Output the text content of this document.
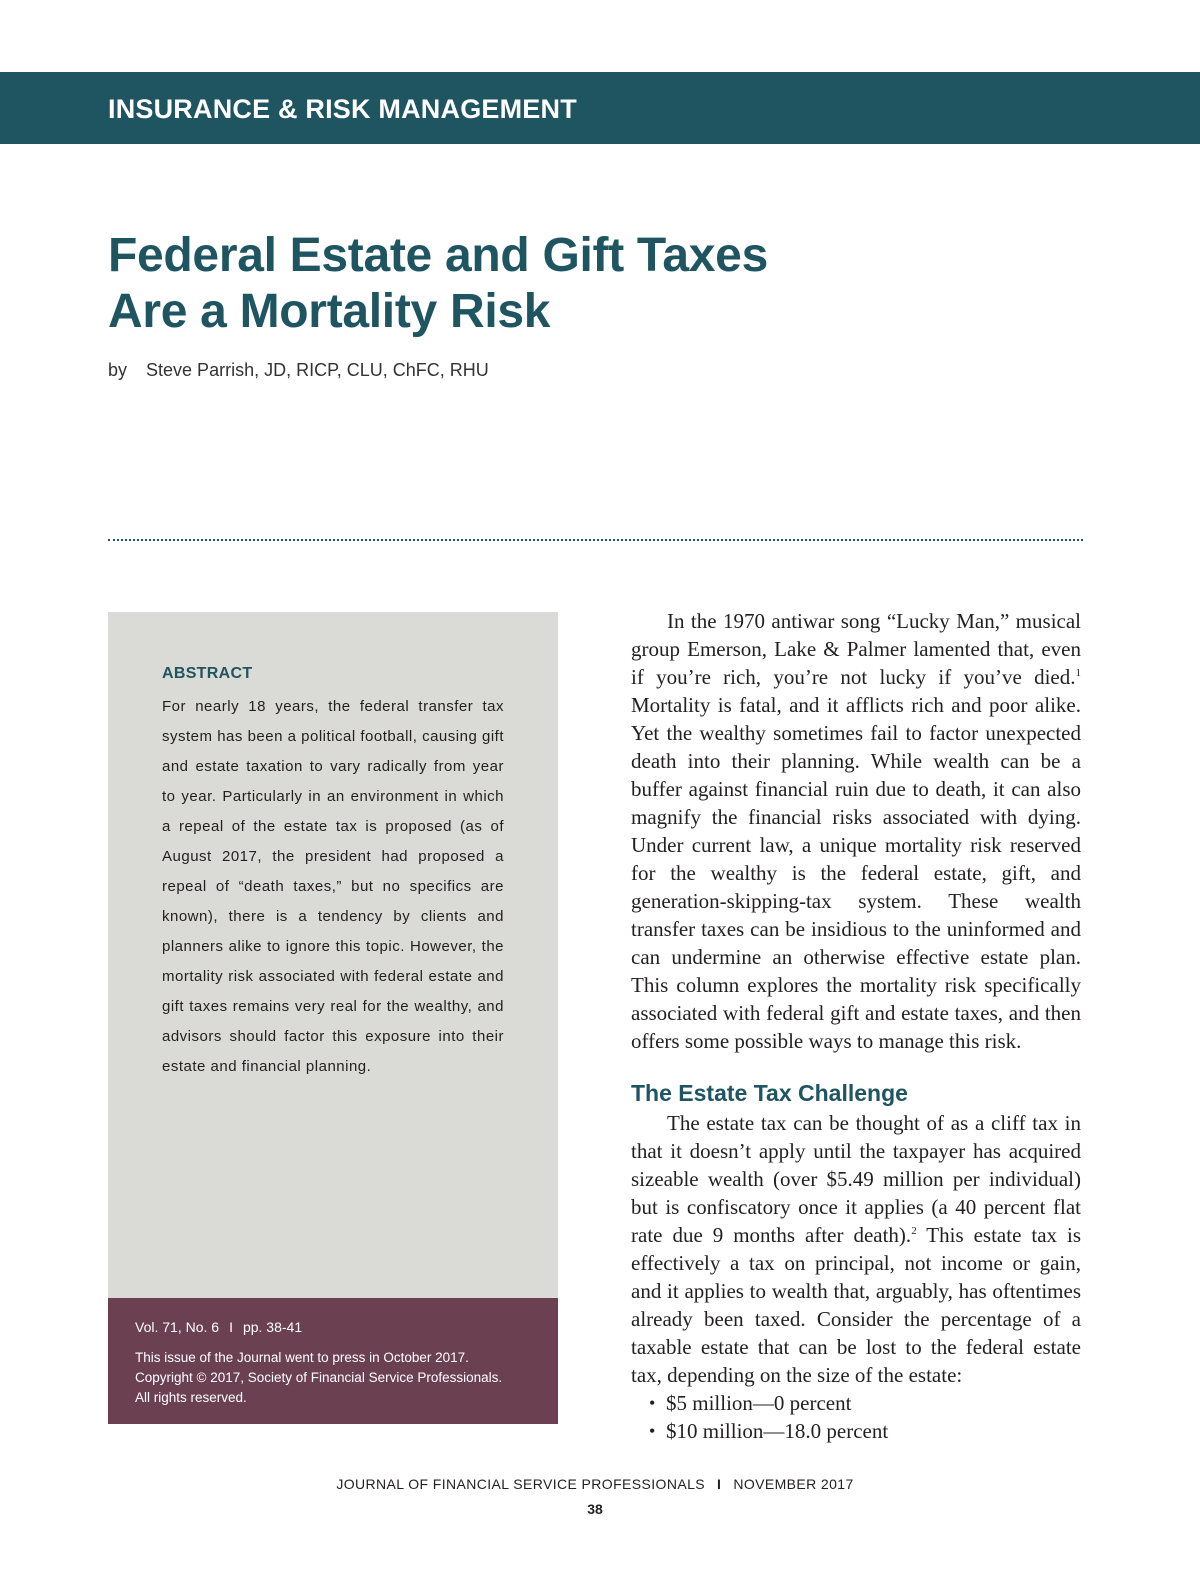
INSURANCE & RISK MANAGEMENT
Federal Estate and Gift Taxes
Are a Mortality Risk
by Steve Parrish, JD, RICP, CLU, ChFC, RHU
ABSTRACT

For nearly 18 years, the federal transfer tax system has been a political football, causing gift and estate taxation to vary radically from year to year. Particularly in an environment in which a repeal of the estate tax is proposed (as of August 2017, the president had proposed a repeal of “death taxes,” but no specifics are known), there is a tendency by clients and planners alike to ignore this topic. However, the mortality risk associated with federal estate and gift taxes remains very real for the wealthy, and advisors should factor this exposure into their estate and financial planning.

Vol. 71, No. 6 I pp. 38-41

This issue of the Journal went to press in October 2017.
Copyright © 2017, Society of Financial Service Professionals.
All rights reserved.

In the 1970 antiwar song “Lucky Man,” musical group Emerson, Lake & Palmer lamented that, even if you’re rich, you’re not lucky if you’ve died.$^1$ Mortality is fatal, and it afflicts rich and poor alike. Yet the wealthy sometimes fail to factor unexpected death into their planning. While wealth can be a buffer against financial ruin due to death, it can also magnify the financial risks associated with dying. Under current law, a unique mortality risk reserved for the wealthy is the federal estate, gift, and generation-skipping-tax system. These wealth transfer taxes can be insidious to the uninformed and can undermine an otherwise effective estate plan. This column explores the mortality risk specifically associated with federal gift and estate taxes, and then offers some possible ways to manage this risk.

The Estate Tax Challenge

The estate tax can be thought of as a cliff tax in that it doesn’t apply until the taxpayer has acquired sizeable wealth (over $5.49 million per individual) but is confiscatory once it applies (a 40 percent flat rate due 9 months after death).$^2$ This estate tax is effectively a tax on principal, not income or gain, and it applies to wealth that, arguably, has oftentimes already been taxed. Consider the percentage of a taxable estate that can be lost to the federal estate tax, depending on the size of the estate:

• $5 million—0 percent
• $10 million—18.0 percent
JOURNAL OF FINANCIAL SERVICE PROFESSIONALS I NOVEMBER 2017
38
